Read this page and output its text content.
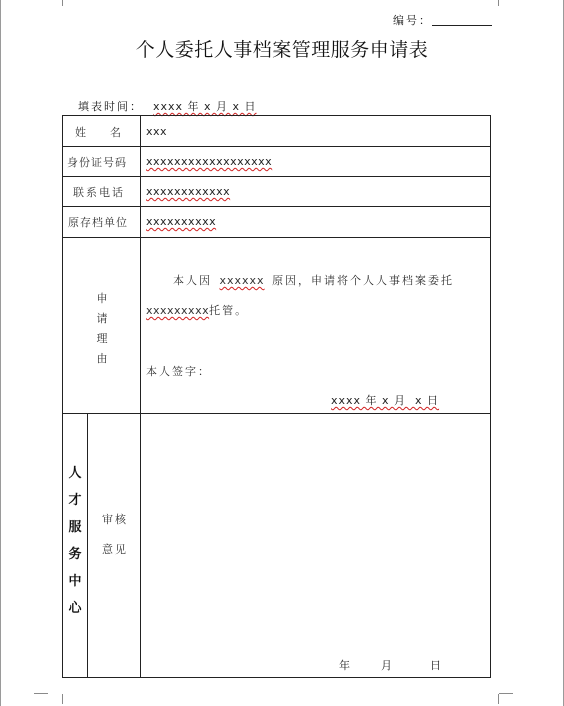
编号：
个人委托人事档案管理服务申请表
填表时间： xxxx 年 x 月 x 日
姓    名 xxx
身份证号码 xxxxxxxxxxxxxxxxxx
联系电话 xxxxxxxxxxxx
原存档单位 xxxxxxxxxx
申
请
理
由
本人因 xxxxxx 原因，申请将个人人事档案委托
xxxxxxxxx托管。
本人签字：
xxxx 年 x 月  x 日
人
才
服
务
中
心
审核
意见
年	月	日
